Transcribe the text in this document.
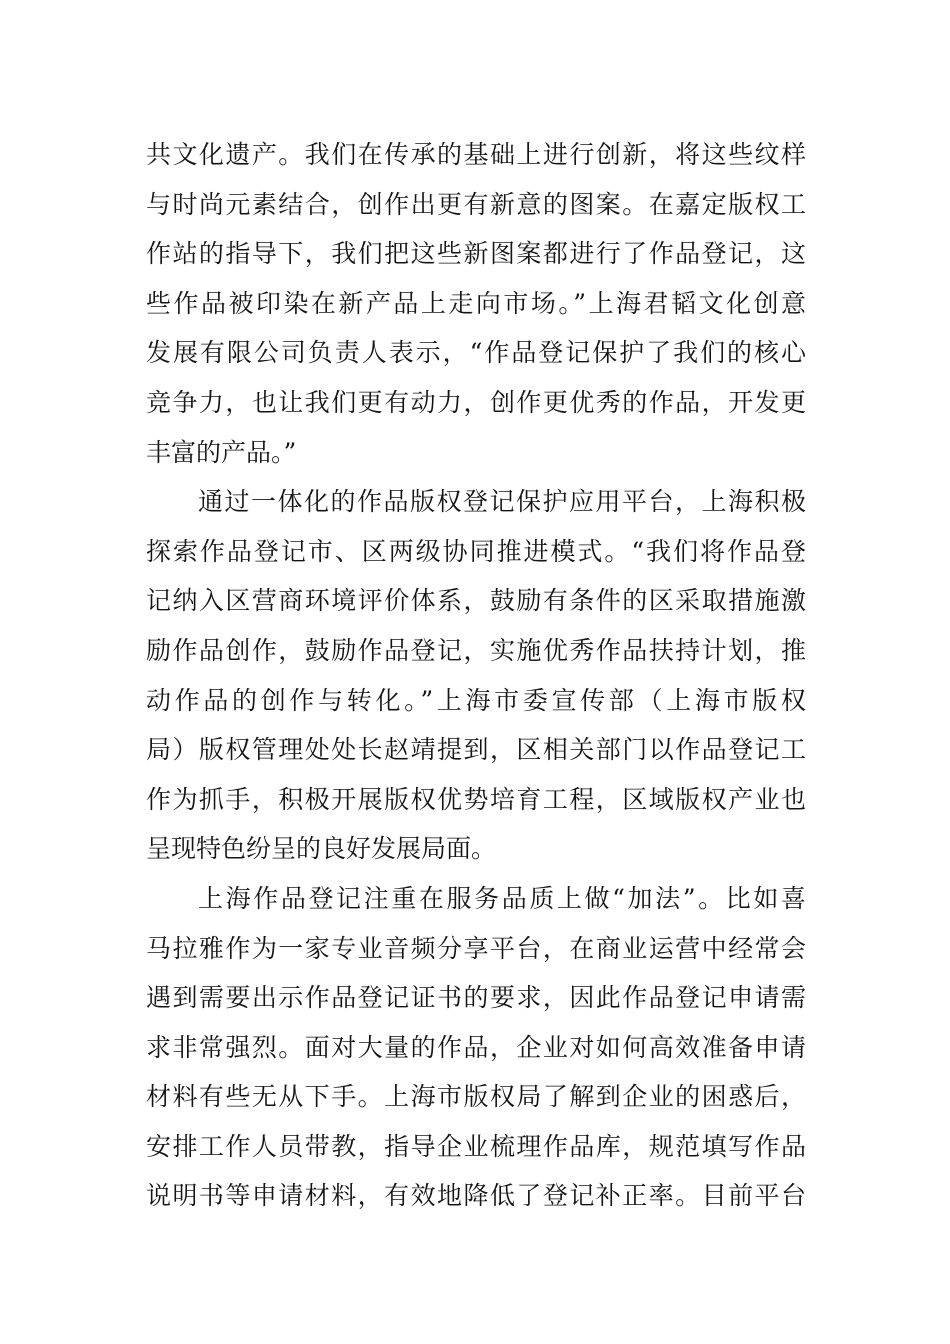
共文化遗产。我们在传承的基础上进行创新，将这些纹样
与时尚元素结合，创作出更有新意的图案。在嘉定版权工
作站的指导下，我们把这些新图案都进行了作品登记，这
些作品被印染在新产品上走向市场。”上海君韬文化创意
发展有限公司负责人表示，“作品登记保护了我们的核心
竞争力，也让我们更有动力，创作更优秀的作品，开发更
丰富的产品。”
通过一体化的作品版权登记保护应用平台，上海积极
探索作品登记市、区两级协同推进模式。“我们将作品登
记纳入区营商环境评价体系，鼓励有条件的区采取措施激
励作品创作，鼓励作品登记，实施优秀作品扶持计划，推
动作品的创作与转化。”上海市委宣传部（上海市版权
局）版权管理处处长赵靖提到，区相关部门以作品登记工
作为抓手，积极开展版权优势培育工程，区域版权产业也
呈现特色纷呈的良好发展局面。
上海作品登记注重在服务品质上做“加法”。比如喜
马拉雅作为一家专业音频分享平台，在商业运营中经常会
遇到需要出示作品登记证书的要求，因此作品登记申请需
求非常强烈。面对大量的作品，企业对如何高效准备申请
材料有些无从下手。上海市版权局了解到企业的困惑后，
安排工作人员带教，指导企业梳理作品库，规范填写作品
说明书等申请材料，有效地降低了登记补正率。目前平台
